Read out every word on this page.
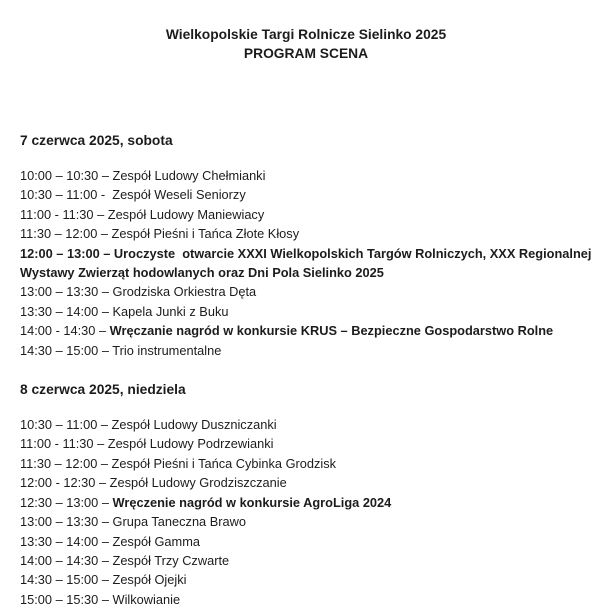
Wielkopolskie Targi Rolnicze Sielinko 2025
PROGRAM SCENA
7 czerwca 2025, sobota

10:00 – 10:30 – Zespół Ludowy Chełmianki

10:30 – 11:00 -  Zespół Weseli Seniorzy

11:00 - 11:30 – Zespół Ludowy Maniewiacy

11:30 – 12:00 – Zespół Pieśni i Tańca Złote Kłosy

12:00 – 13:00 – Uroczyste  otwarcie XXXI Wielkopolskich Targów Rolniczych, XXX Regionalnej Wystawy Zwierząt hodowlanych oraz Dni Pola Sielinko 2025

13:00 – 13:30 – Grodziska Orkiestra Dęta

13:30 – 14:00 – Kapela Junki z Buku

14:00 - 14:30 – Wręczanie nagród w konkursie KRUS – Bezpieczne Gospodarstwo Rolne

14:30 – 15:00 – Trio instrumentalne

8 czerwca 2025, niedziela

10:30 – 11:00 – Zespół Ludowy Duszniczanki

11:00 - 11:30 – Zespół Ludowy Podrzewianki

11:30 – 12:00 – Zespół Pieśni i Tańca Cybinka Grodzisk

12:00 - 12:30 – Zespół Ludowy Grodziszczanie

12:30 – 13:00 – Wręczenie nagród w konkursie AgroLiga 2024

13:00 – 13:30 – Grupa Taneczna Brawo

13:30 – 14:00 – Zespół Gamma

14:00 – 14:30 – Zespół Trzy Czwarte

14:30 – 15:00 – Zespół Ojejki

15:00 – 15:30 – Wilkowianie
